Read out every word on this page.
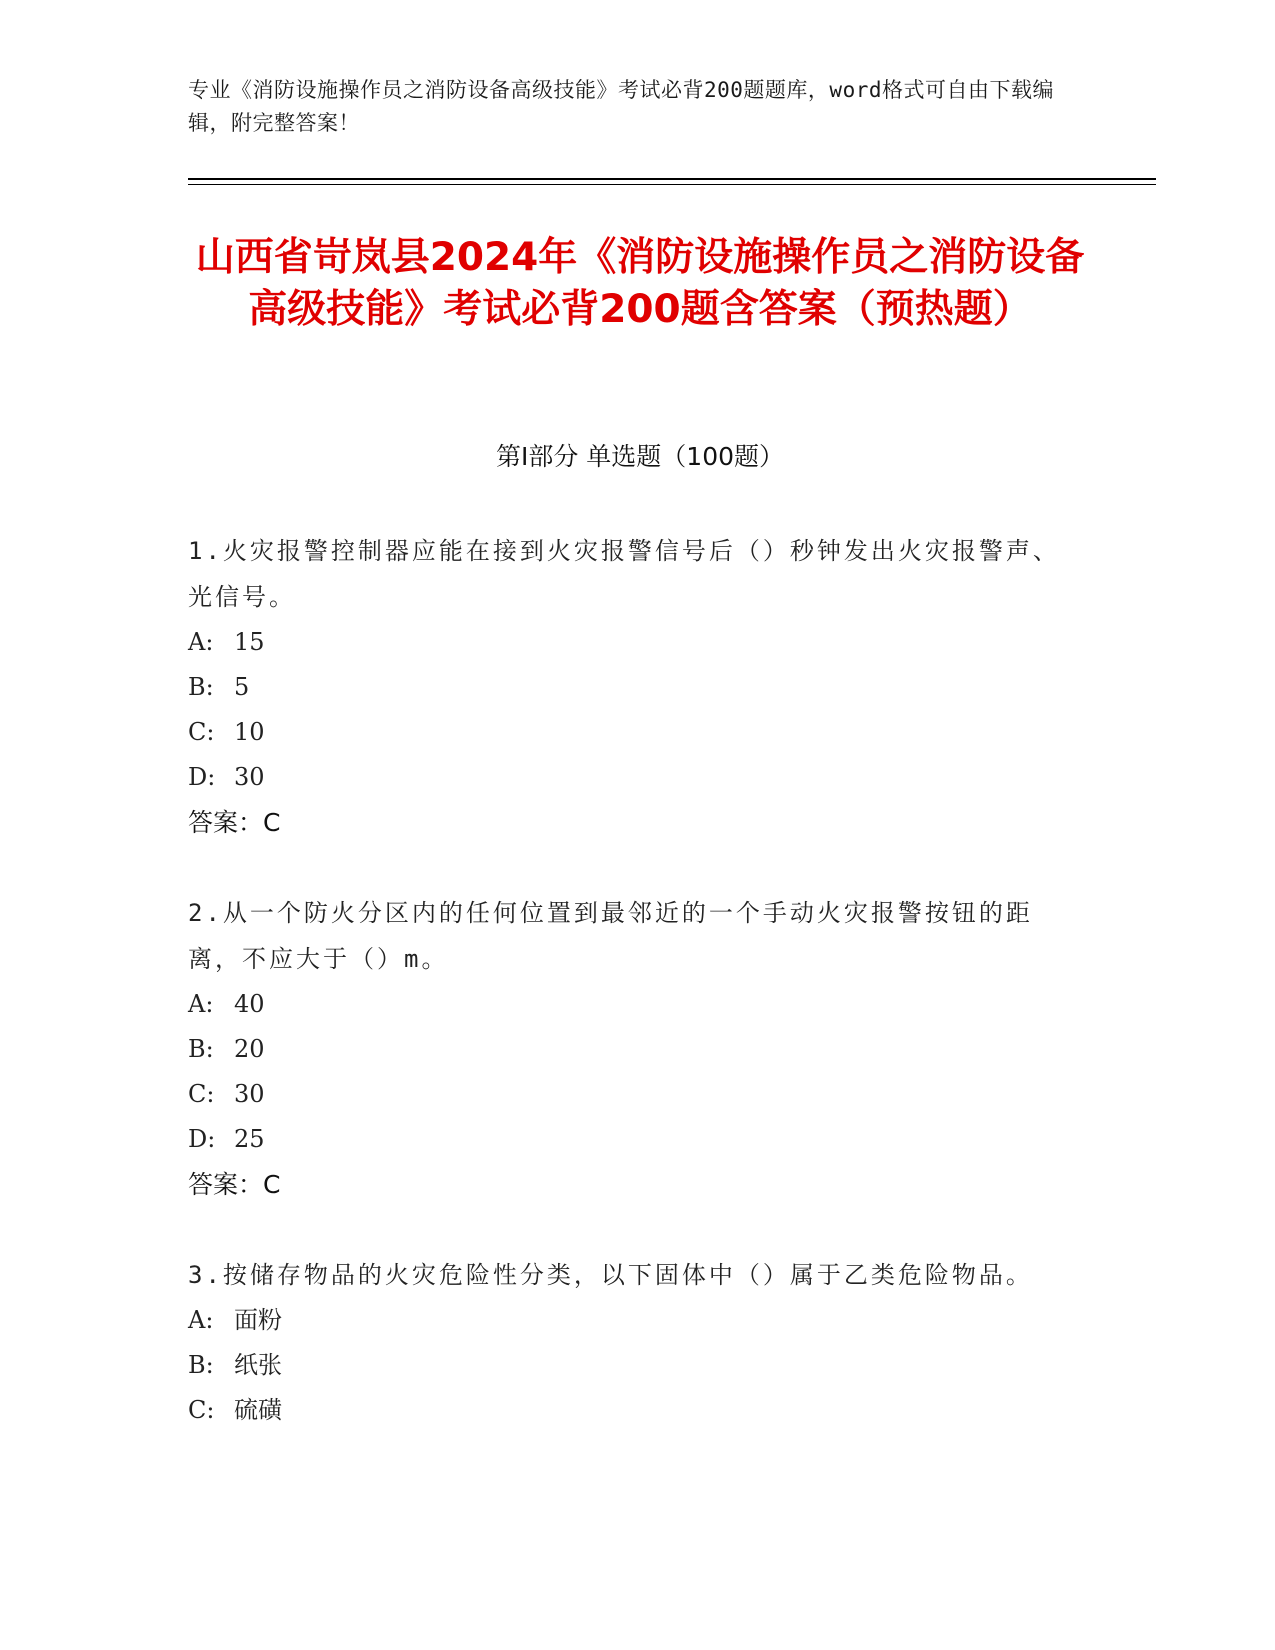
专业《消防设施操作员之消防设备高级技能》考试必背200题题库，word格式可自由下载编辑，附完整答案！
山西省岢岚县2024年《消防设施操作员之消防设备高级技能》考试必背200题含答案（预热题）
第I部分 单选题（100题）

1.火灾报警控制器应能在接到火灾报警信号后（）秒钟发出火灾报警声、光信号。

A: 15
B: 5
C: 10
D: 30
答案：C

2.从一个防火分区内的任何位置到最邻近的一个手动火灾报警按钮的距离，不应大于（）m。

A: 40
B: 20
C: 30
D: 25
答案：C

3.按储存物品的火灾危险性分类，以下固体中（）属于乙类危险物品。

A: 面粉
B: 纸张
C: 硫磺
